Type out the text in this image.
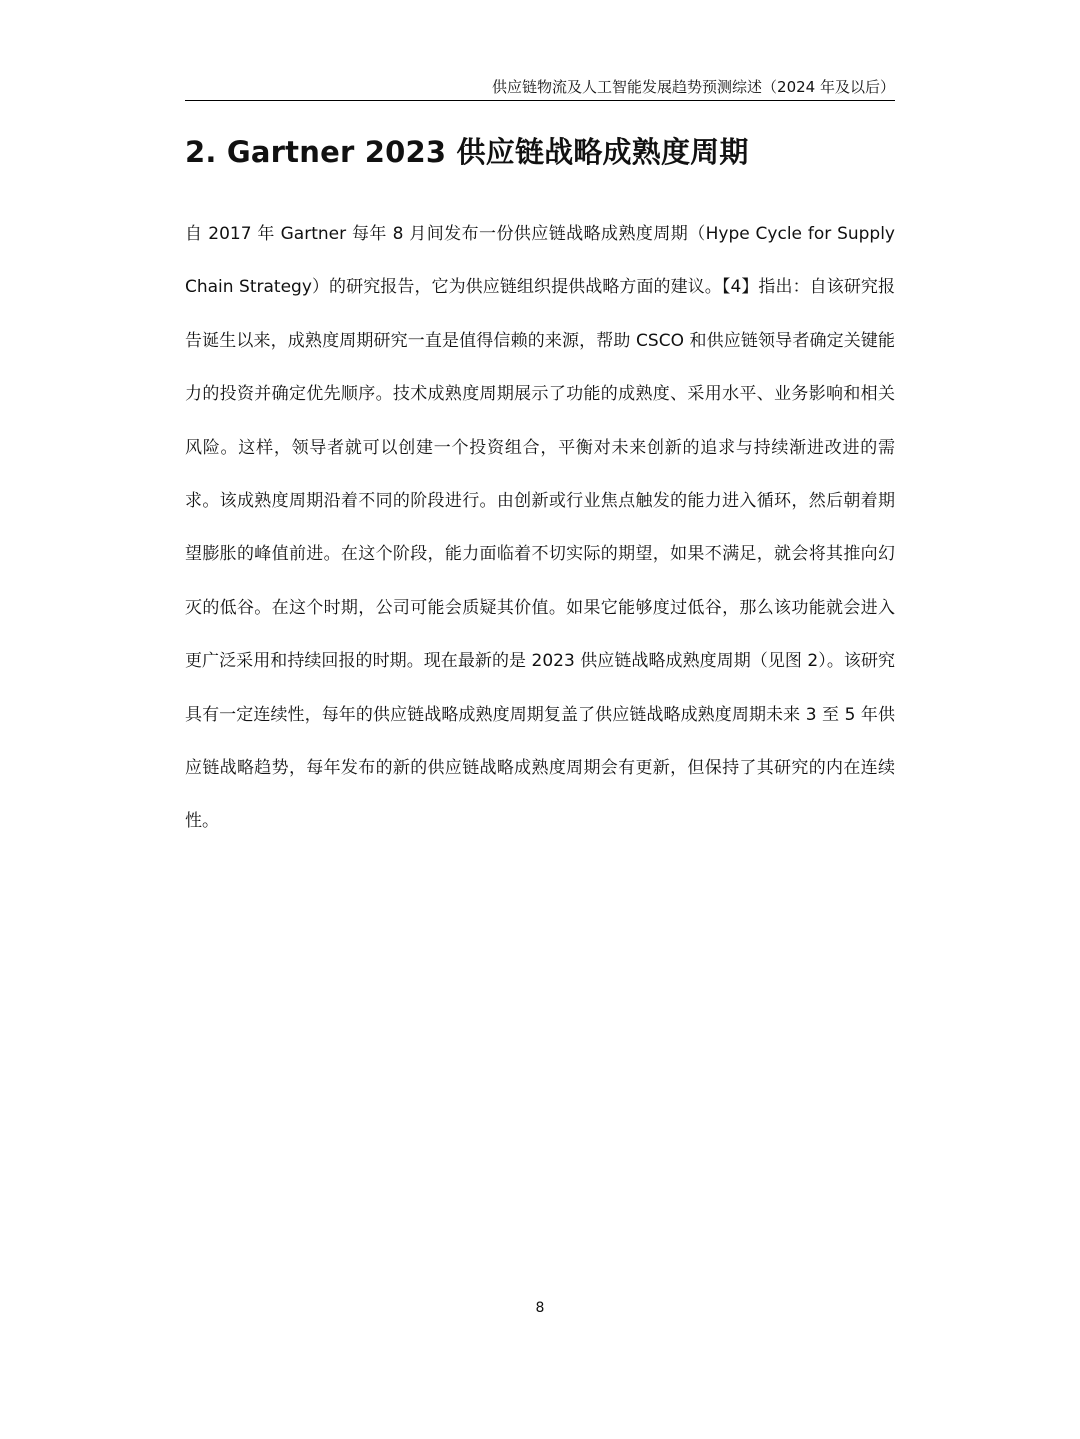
供应链物流及人工智能发展趋势预测综述（2024 年及以后）
2. Gartner 2023 供应链战略成熟度周期

自 2017 年 Gartner 每年 8 月间发布一份供应链战略成熟度周期（Hype Cycle for Supply Chain Strategy）的研究报告，它为供应链组织提供战略方面的建议。【4】指出：自该研究报告诞生以来，成熟度周期研究一直是值得信赖的来源，帮助 CSCO 和供应链领导者确定关键能力的投资并确定优先顺序。技术成熟度周期展示了功能的成熟度、采用水平、业务影响和相关风险。这样，领导者就可以创建一个投资组合，平衡对未来创新的追求与持续渐进改进的需求。该成熟度周期沿着不同的阶段进行。由创新或行业焦点触发的能力进入循环，然后朝着期望膨胀的峰值前进。在这个阶段，能力面临着不切实际的期望，如果不满足，就会将其推向幻灭的低谷。在这个时期，公司可能会质疑其价值。如果它能够度过低谷，那么该功能就会进入更广泛采用和持续回报的时期。现在最新的是 2023 供应链战略成熟度周期（见图 2）。该研究具有一定连续性，每年的供应链战略成熟度周期复盖了供应链战略成熟度周期未来 3 至 5 年供应链战略趋势，每年发布的新的供应链战略成熟度周期会有更新，但保持了其研究的内在连续性。

8
